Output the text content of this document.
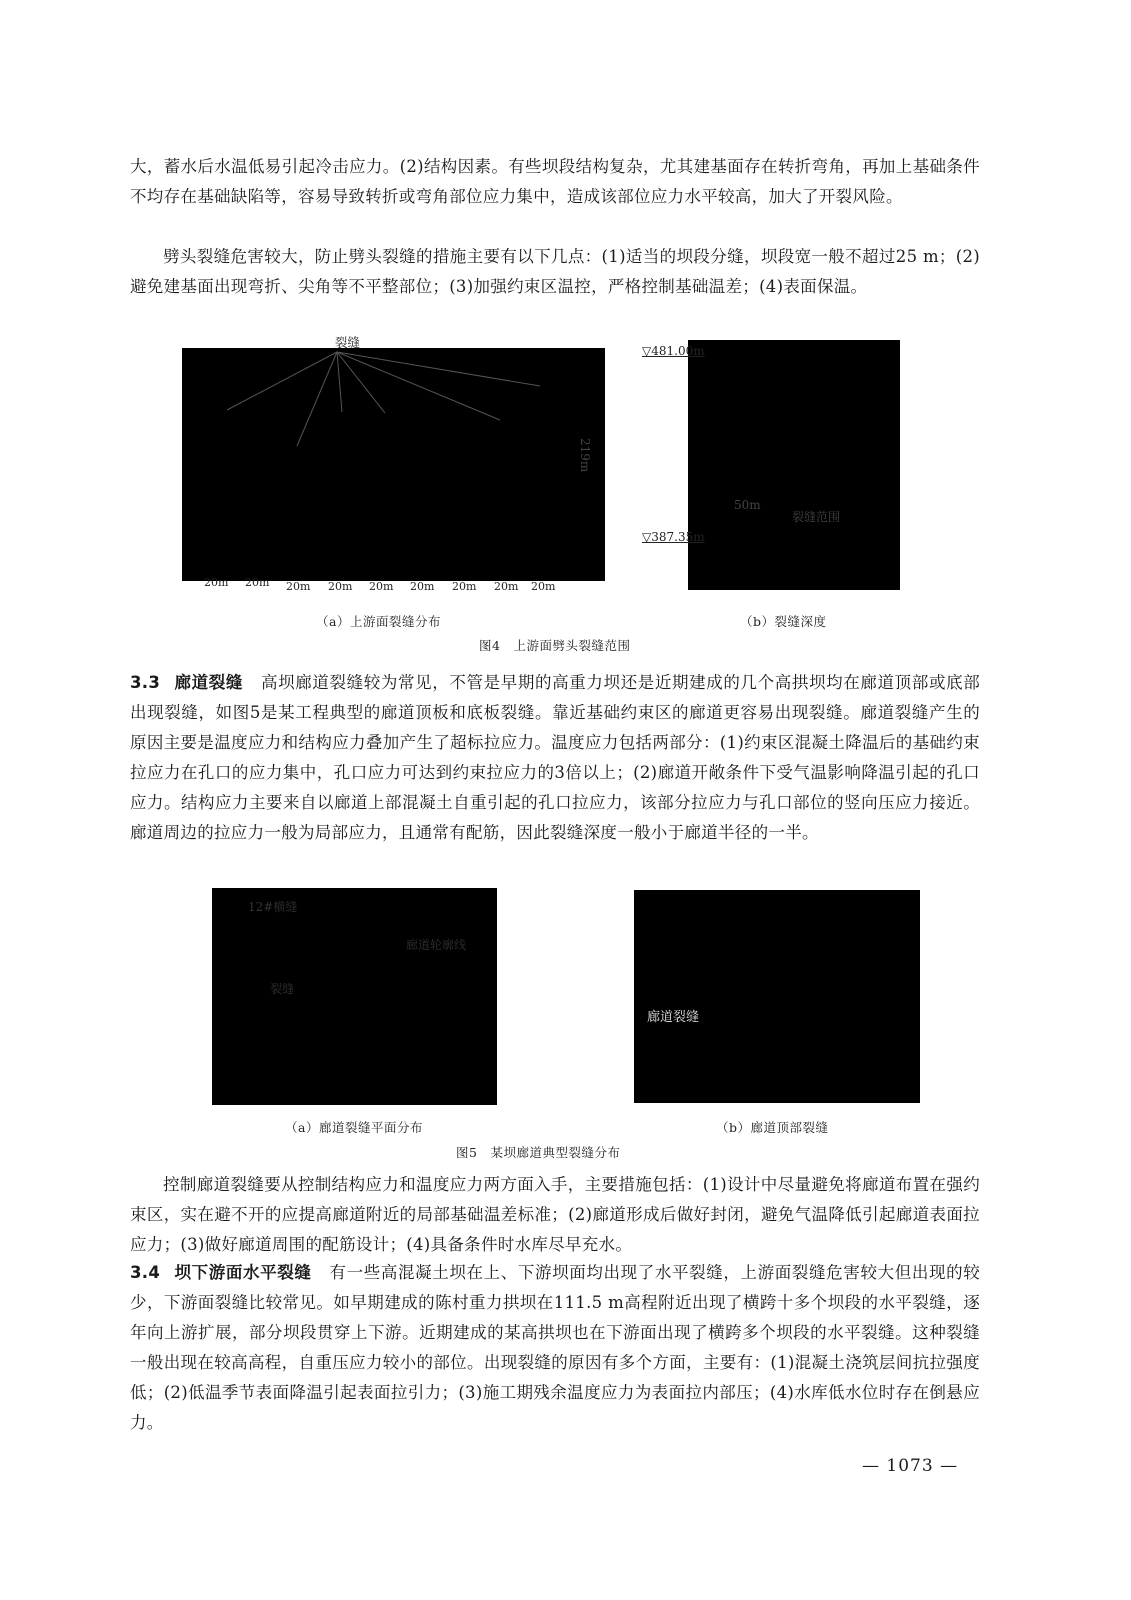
大，蓄水后水温低易引起冷击应力。(2)结构因素。有些坝段结构复杂，尤其建基面存在转折弯角，再加上基础条件不均存在基础缺陷等，容易导致转折或弯角部位应力集中，造成该部位应力水平较高，加大了开裂风险。

劈头裂缝危害较大，防止劈头裂缝的措施主要有以下几点：(1)适当的坝段分缝，坝段宽一般不超过25 m；(2)避免建基面出现弯折、尖角等不平整部位；(3)加强约束区温控，严格控制基础温差；(4)表面保温。

219m
裂缝
20m 20m 20m 20m 20m 20m 20m 20m 20m
50m
裂缝范围
▽481.00m
▽387.35m
（a）上游面裂缝分布	（b）裂缝深度
图4　上游面劈头裂缝范围

3.3 廊道裂缝 高坝廊道裂缝较为常见，不管是早期的高重力坝还是近期建成的几个高拱坝均在廊道顶部或底部出现裂缝，如图5是某工程典型的廊道顶板和底板裂缝。靠近基础约束区的廊道更容易出现裂缝。廊道裂缝产生的原因主要是温度应力和结构应力叠加产生了超标拉应力。温度应力包括两部分：(1)约束区混凝土降温后的基础约束拉应力在孔口的应力集中，孔口应力可达到约束拉应力的3倍以上；(2)廊道开敞条件下受气温影响降温引起的孔口应力。结构应力主要来自以廊道上部混凝土自重引起的孔口拉应力，该部分拉应力与孔口部位的竖向压应力接近。廊道周边的拉应力一般为局部应力，且通常有配筋，因此裂缝深度一般小于廊道半径的一半。

12#横缝
廊道轮廓线
裂缝
廊道裂缝
（a）廊道裂缝平面分布	（b）廊道顶部裂缝
图5　某坝廊道典型裂缝分布

控制廊道裂缝要从控制结构应力和温度应力两方面入手，主要措施包括：(1)设计中尽量避免将廊道布置在强约束区，实在避不开的应提高廊道附近的局部基础温差标准；(2)廊道形成后做好封闭，避免气温降低引起廊道表面拉应力；(3)做好廊道周围的配筋设计；(4)具备条件时水库尽早充水。

3.4 坝下游面水平裂缝 有一些高混凝土坝在上、下游坝面均出现了水平裂缝，上游面裂缝危害较大但出现的较少，下游面裂缝比较常见。如早期建成的陈村重力拱坝在111.5 m高程附近出现了横跨十多个坝段的水平裂缝，逐年向上游扩展，部分坝段贯穿上下游。近期建成的某高拱坝也在下游面出现了横跨多个坝段的水平裂缝。这种裂缝一般出现在较高高程，自重压应力较小的部位。出现裂缝的原因有多个方面，主要有：(1)混凝土浇筑层间抗拉强度低；(2)低温季节表面降温引起表面拉引力；(3)施工期残余温度应力为表面拉内部压；(4)水库低水位时存在倒悬应力。

— 1073 —
